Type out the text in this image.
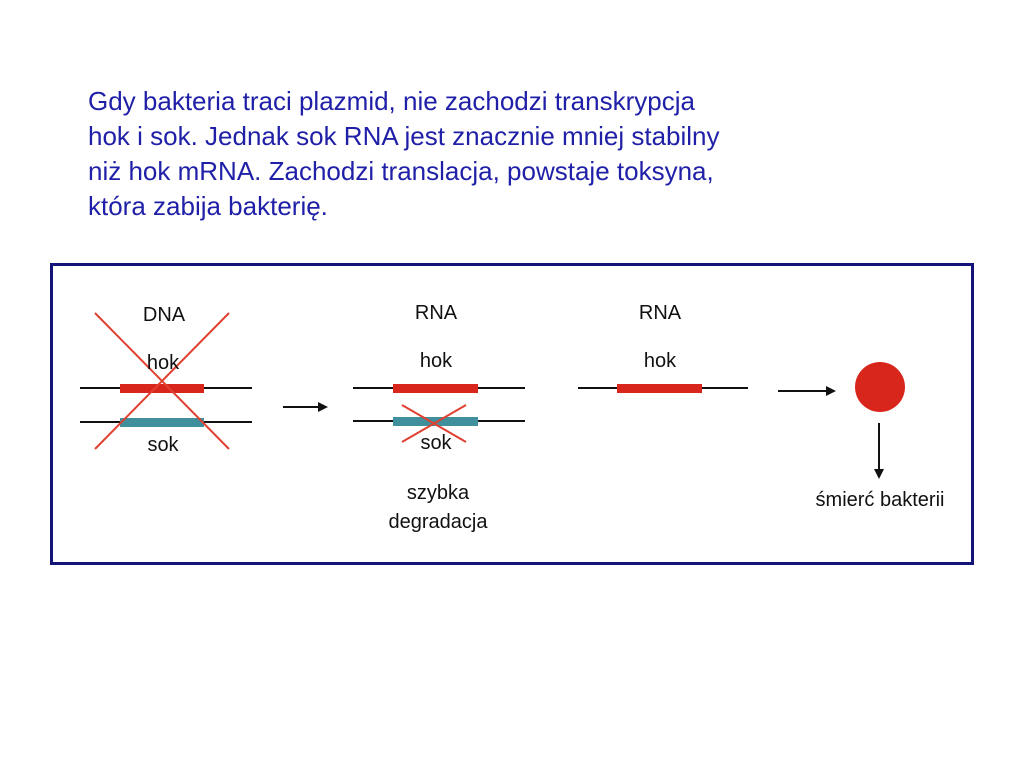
Gdy bakteria traci plazmid, nie zachodzi transkrypcja
hok i sok. Jednak sok RNA jest znacznie mniej stabilny
niż hok mRNA. Zachodzi translacja, powstaje toksyna,
która zabija bakterię.
DNA
hok
sok
RNA
hok
sok
szybka
degradacja
RNA
hok
śmierć bakterii
